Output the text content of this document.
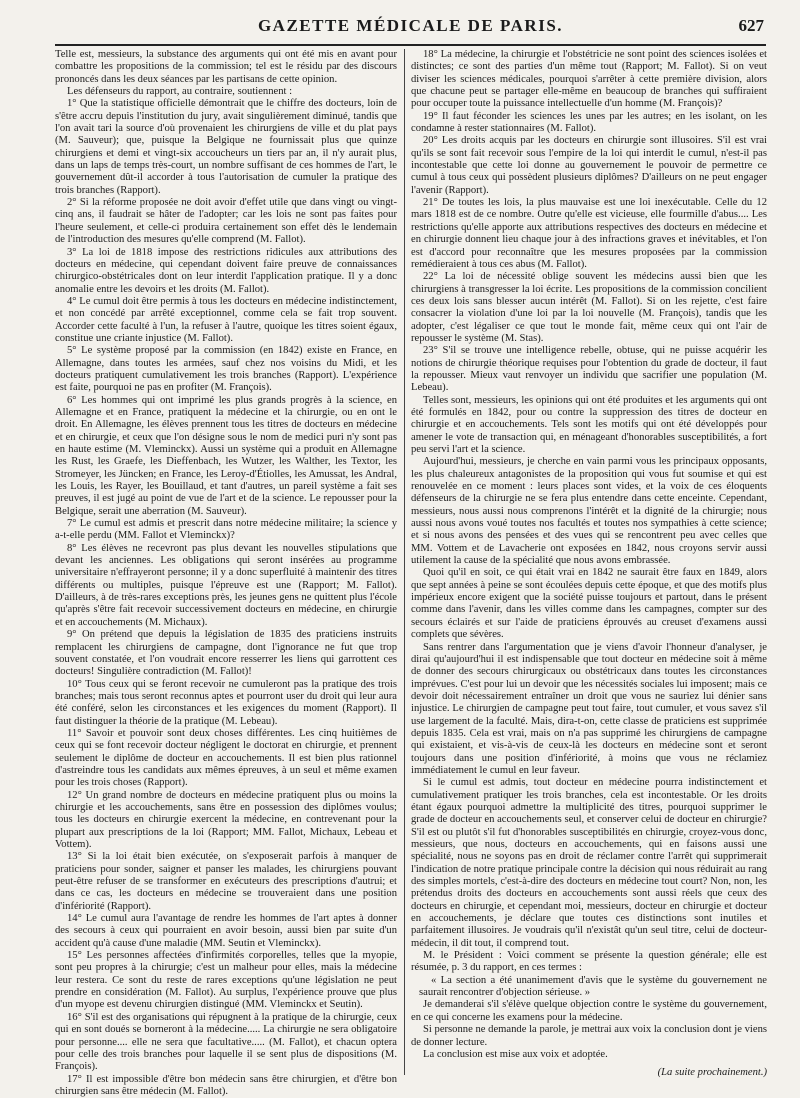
GAZETTE MÉDICALE DE PARIS.	627

Telle est, messieurs, la substance des arguments qui ont été mis en avant pour combattre les propositions de la commission; tel est le résidu par des discours prononcés dans les deux séances par les partisans de cette opinion.

Les défenseurs du rapport, au contraire, soutiennent :

1° Que la statistique officielle démontrait que le chiffre des docteurs, loin de s'être accru depuis l'institution du jury, avait singulièrement diminué, tandis que l'on avait tari la source d'où provenaient les chirurgiens de ville et du plat pays (M. Sauveur); que, puisque la Belgique ne fournissait plus que quinze chirurgiens et demi et vingt-six accoucheurs un tiers par an, il n'y aurait plus, dans un laps de temps très-court, un nombre suffisant de ces hommes de l'art, le gouvernement dût-il accorder à tous l'autorisation de cumuler la pratique des trois branches (Rapport).

2° Si la réforme proposée ne doit avoir d'effet utile que dans vingt ou vingt-cinq ans, il faudrait se hâter de l'adopter; car les lois ne sont pas faites pour l'heure seulement, et celle-ci produira certainement son effet dès le lendemain de l'introduction des mesures qu'elle comprend (M. Fallot).

3° La loi de 1818 impose des restrictions ridicules aux attributions des docteurs en médecine, qui cependant doivent faire preuve de connaissances chirurgico-obstétricales dont on leur interdit l'application pratique. Il y a donc anomalie entre les devoirs et les droits (M. Fallot).

4° Le cumul doit être permis à tous les docteurs en médecine indistinctement, et non concédé par arrêté exceptionnel, comme cela se fait trop souvent. Accorder cette faculté à l'un, la refuser à l'autre, quoique les titres soient égaux, constitue une criante injustice (M. Fallot).

5° Le système proposé par la commission (en 1842) existe en France, en Allemagne, dans toutes les armées, sauf chez nos voisins du Midi, et les docteurs pratiquent cumulativement les trois branches (Rapport). L'expérience est faite, pourquoi ne pas en profiter (M. François).

6° Les hommes qui ont imprimé les plus grands progrès à la science, en Allemagne et en France, pratiquent la médecine et la chirurgie, ou en ont le droit. En Allemagne, les élèves prennent tous les titres de docteurs en médecine et en chirurgie, et ceux que l'on désigne sous le nom de medici puri n'y sont pas en haute estime (M. Vleminckx). Aussi un système qui a produit en Allemagne les Rust, les Graefe, les Dieffenbach, les Wutzer, les Walther, les Textor, les Stromeyer, les Jüncken; en France, les Leroy-d'Étiolles, les Amussat, les Andral, les Louis, les Rayer, les Bouillaud, et tant d'autres, un pareil système a fait ses preuves, il est jugé au point de vue de l'art et de la science. Le repousser pour la Belgique, serait une aberration (M. Sauveur).

7° Le cumul est admis et prescrit dans notre médecine militaire; la science y a-t-elle perdu (MM. Fallot et Vleminckx)?

8° Les élèves ne recevront pas plus devant les nouvelles stipulations que devant les anciennes. Les obligations qui seront insérées au programme universitaire n'effrayeront personne; il y a donc superfluité à maintenir des titres différents ou multiples, puisque l'épreuve est une (Rapport; M. Fallot). D'ailleurs, à de très-rares exceptions près, les jeunes gens ne quittent plus l'école qu'après s'être fait recevoir successivement docteurs en médecine, en chirurgie et en accouchements (M. Michaux).

9° On prétend que depuis la législation de 1835 des praticiens instruits remplacent les chirurgiens de campagne, dont l'ignorance ne fut que trop souvent constatée, et l'on voudrait encore resserrer les liens qui garrottent ces docteurs! Singulière contradiction (M. Fallot)!

10° Tous ceux qui se feront recevoir ne cumuleront pas la pratique des trois branches; mais tous seront reconnus aptes et pourront user du droit qui leur aura été conféré, selon les circonstances et les exigences du moment (Rapport). Il faut distinguer la théorie de la pratique (M. Lebeau).

11° Savoir et pouvoir sont deux choses différentes. Les cinq huitièmes de ceux qui se font recevoir docteur négligent le doctorat en chirurgie, et prennent seulement le diplôme de docteur en accouchements. Il est bien plus rationnel d'astreindre tous les candidats aux mêmes épreuves, à un seul et même examen pour les trois choses (Rapport).

12° Un grand nombre de docteurs en médecine pratiquent plus ou moins la chirurgie et les accouchements, sans être en possession des diplômes voulus; tous les docteurs en chirurgie exercent la médecine, en contrevenant pour la plupart aux prescriptions de la loi (Rapport; MM. Fallot, Michaux, Lebeau et Vottem).

13° Si la loi était bien exécutée, on s'exposerait parfois à manquer de praticiens pour sonder, saigner et panser les malades, les chirurgiens pouvant peut-être refuser de se transformer en exécuteurs des prescriptions d'autrui; et dans ce cas, les docteurs en médecine se trouveraient dans une position d'infériorité (Rapport).

14° Le cumul aura l'avantage de rendre les hommes de l'art aptes à donner des secours à ceux qui pourraient en avoir besoin, aussi bien par suite d'un accident qu'à cause d'une maladie (MM. Seutin et Vleminckx).

15° Les personnes affectées d'infirmités corporelles, telles que la myopie, sont peu propres à la chirurgie; c'est un malheur pour elles, mais la médecine leur restera. Ce sont du reste de rares exceptions qu'une législation ne peut prendre en considération (M. Fallot). Au surplus, l'expérience prouve que plus d'un myope est devenu chirurgien distingué (MM. Vleminckx et Seutin).

16° S'il est des organisations qui répugnent à la pratique de la chirurgie, ceux qui en sont doués se borneront à la médecine..... La chirurgie ne sera obligatoire pour personne.... elle ne sera que facultative..... (M. Fallot), et chacun optera pour celle des trois branches pour laquelle il se sent plus de dispositions (M. François).

17° Il est impossible d'être bon médecin sans être chirurgien, et d'être bon chirurgien sans être médecin (M. Fallot).

18° La médecine, la chirurgie et l'obstétricie ne sont point des sciences isolées et distinctes; ce sont des parties d'un même tout (Rapport; M. Fallot). Si on veut diviser les sciences médicales, pourquoi s'arrêter à cette première division, alors que chacune peut se partager elle-même en beaucoup de branches qui suffiraient pour occuper toute la puissance intellectuelle d'un homme (M. François)?

19° Il faut féconder les sciences les unes par les autres; en les isolant, on les condamne à rester stationnaires (M. Fallot).

20° Les droits acquis par les docteurs en chirurgie sont illusoires. S'il est vrai qu'ils se sont fait recevoir sous l'empire de la loi qui interdit le cumul, n'est-il pas incontestable que cette loi donne au gouvernement le pouvoir de permettre ce cumul à tous ceux qui possèdent plusieurs diplômes? D'ailleurs on ne peut engager l'avenir (Rapport).

21° De toutes les lois, la plus mauvaise est une loi inexécutable. Celle du 12 mars 1818 est de ce nombre. Outre qu'elle est vicieuse, elle fourmille d'abus.... Les restrictions qu'elle apporte aux attributions respectives des docteurs en médecine et en chirurgie donnent lieu chaque jour à des infractions graves et inévitables, et l'on est d'accord pour reconnaître que les mesures proposées par la commission remédieraient à tous ces abus (M. Fallot).

22° La loi de nécessité oblige souvent les médecins aussi bien que les chirurgiens à transgresser la loi écrite. Les propositions de la commission concilient ces deux lois sans blesser aucun intérêt (M. Fallot). Si on les rejette, c'est faire consacrer la violation d'une loi par la loi nouvelle (M. François), tandis que les adopter, c'est légaliser ce que tout le monde fait, même ceux qui ont l'air de repousser le système (M. Stas).

23° S'il se trouve une intelligence rebelle, obtuse, qui ne puisse acquérir les notions de chirurgie théorique requises pour l'obtention du grade de docteur, il faut la repousser. Mieux vaut renvoyer un individu que sacrifier une population (M. Lebeau).

Telles sont, messieurs, les opinions qui ont été produites et les arguments qui ont été formulés en 1842, pour ou contre la suppression des titres de docteur en chirurgie et en accouchements. Tels sont les motifs qui ont été développés pour amener le vote de transaction qui, en ménageant d'honorables susceptibilités, a fort peu servi l'art et la science.

Aujourd'hui, messieurs, je cherche en vain parmi vous les principaux opposants, les plus chaleureux antagonistes de la proposition qui vous fut soumise et qui est renouvelée en ce moment : leurs places sont vides, et la voix de ces éloquents défenseurs de la chirurgie ne se fera plus entendre dans cette enceinte. Cependant, messieurs, nous aussi nous comprenons l'intérêt et la dignité de la chirurgie; nous aussi nous avons voué toutes nos facultés et toutes nos sympathies à cette science; et si nous avons des pensées et des vues qui se rencontrent peu avec celles que MM. Vottem et de Lavacherie ont exposées en 1842, nous croyons servir aussi utilement la cause de la spécialité que nous avons embrassée.

Quoi qu'il en soit, ce qui était vrai en 1842 ne saurait être faux en 1849, alors que sept années à peine se sont écoulées depuis cette époque, et que des motifs plus impérieux encore exigent que la société puisse toujours et partout, dans le présent comme dans l'avenir, dans les villes comme dans les campagnes, compter sur des secours éclairés et sur l'aide de praticiens éprouvés au creuset d'examens aussi complets que sévères.

Sans rentrer dans l'argumentation que je viens d'avoir l'honneur d'analyser, je dirai qu'aujourd'hui il est indispensable que tout docteur en médecine soit à même de donner des secours chirurgicaux ou obstétricaux dans toutes les circonstances imprévues. C'est pour lui un devoir que les nécessités sociales lui imposent; mais ce devoir doit nécessairement entraîner un droit que vous ne sauriez lui dénier sans injustice. Le chirurgien de campagne peut tout faire, tout cumuler, et vous savez s'il use largement de la faculté. Mais, dira-t-on, cette classe de praticiens est supprimée depuis 1835. Cela est vrai, mais on n'a pas supprimé les chirurgiens de campagne qui existaient, et vis-à-vis de ceux-là les docteurs en médecine sont et seront toujours dans une position d'infériorité, à moins que vous ne réclamiez immédiatement le cumul en leur faveur.

Si le cumul est admis, tout docteur en médecine pourra indistinctement et cumulativement pratiquer les trois branches, cela est incontestable. Or les droits étant égaux pourquoi admettre la multiplicité des titres, pourquoi supprimer le grade de docteur en accouchements seul, et conserver celui de docteur en chirurgie? S'il est ou plutôt s'il fut d'honorables susceptibilités en chirurgie, croyez-vous donc, messieurs, que nous, docteurs en accouchements, qui en faisons aussi une spécialité, nous ne soyons pas en droit de réclamer contre l'arrêt qui supprimerait l'indication de notre pratique principale contre la décision qui nous réduirait au rang des simples mortels, c'est-à-dire des docteurs en médecine tout court? Non, non, les prétendus droits des docteurs en accouchements sont aussi réels que ceux des docteurs en chirurgie, et cependant moi, messieurs, docteur en chirurgie et docteur en accouchements, je déclare que toutes ces distinctions sont inutiles et parfaitement illusoires. Je voudrais qu'il n'existât qu'un seul titre, celui de docteur-médecin, il dit tout, il comprend tout.

M. le Président : Voici comment se présente la question générale; elle est résumée, p. 3 du rapport, en ces termes :

« La section a été unanimement d'avis que le système du gouvernement ne saurait rencontrer d'objection sérieuse. »

Je demanderai s'il s'élève quelque objection contre le système du gouvernement, en ce qui concerne les examens pour la médecine.

Si personne ne demande la parole, je mettrai aux voix la conclusion dont je viens de donner lecture.

La conclusion est mise aux voix et adoptée.

(La suite prochainement.)
